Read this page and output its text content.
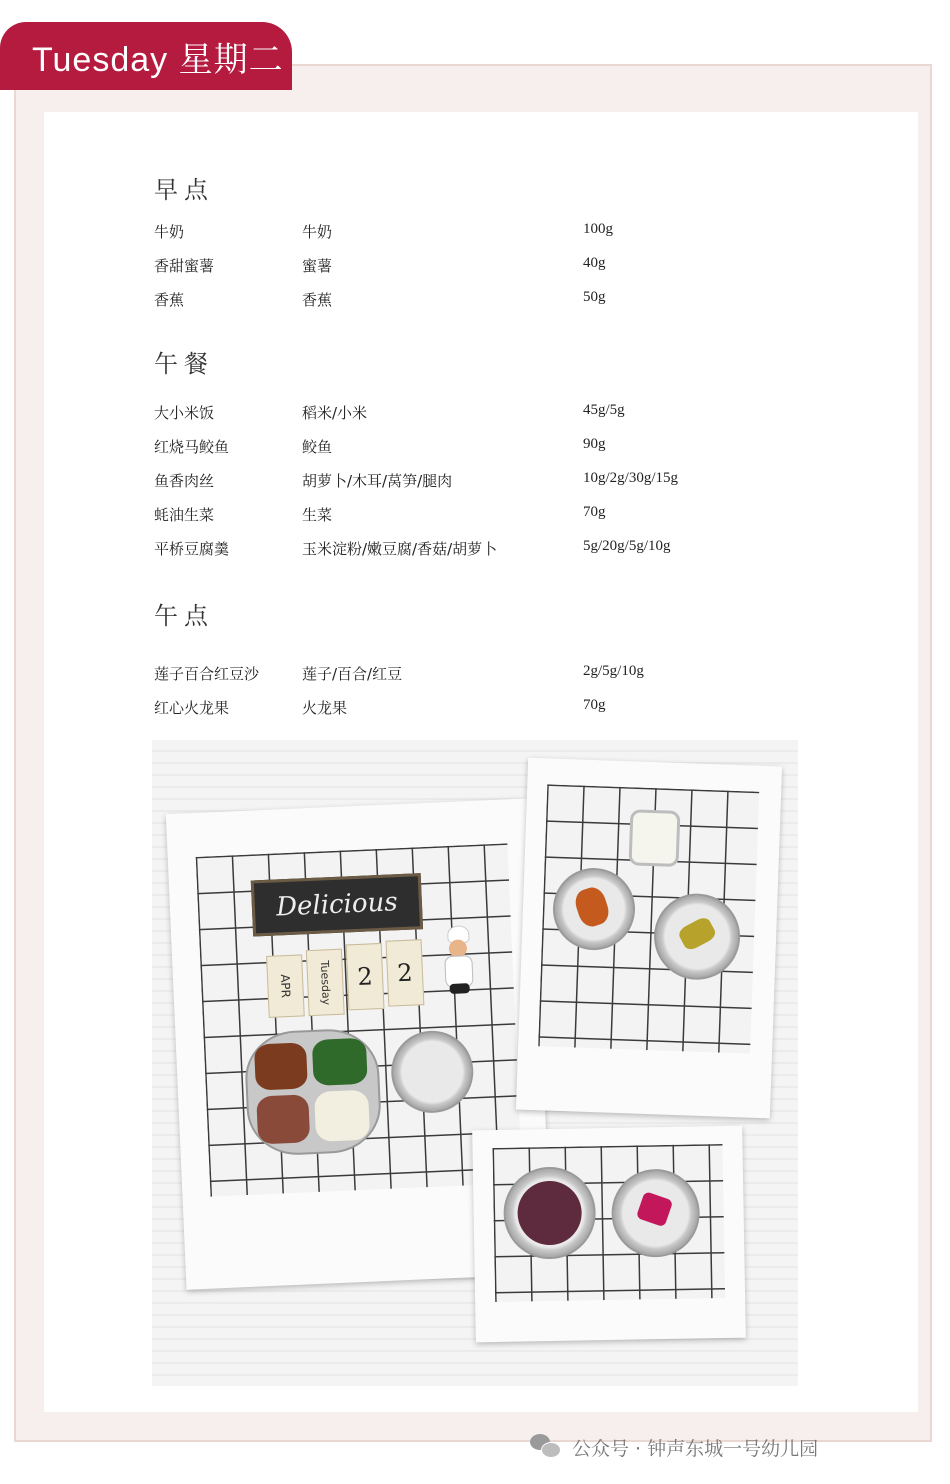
Tuesday 星期二
早点
牛奶	牛奶	100g
香甜蜜薯	蜜薯	40g
香蕉	香蕉	50g
午餐
大小米饭	稻米/小米	45g/5g
红烧马鲛鱼	鲛鱼	90g
鱼香肉丝	胡萝卜/木耳/莴笋/腿肉	10g/2g/30g/15g
蚝油生菜	生菜	70g
平桥豆腐羹	玉米淀粉/嫩豆腐/香菇/胡萝卜	5g/20g/5g/10g
午点
莲子百合红豆沙	莲子/百合/红豆	2g/5g/10g
红心火龙果	火龙果	70g
Delicious
APR Tuesday 2 2
公众号 · 钟声东城一号幼儿园
